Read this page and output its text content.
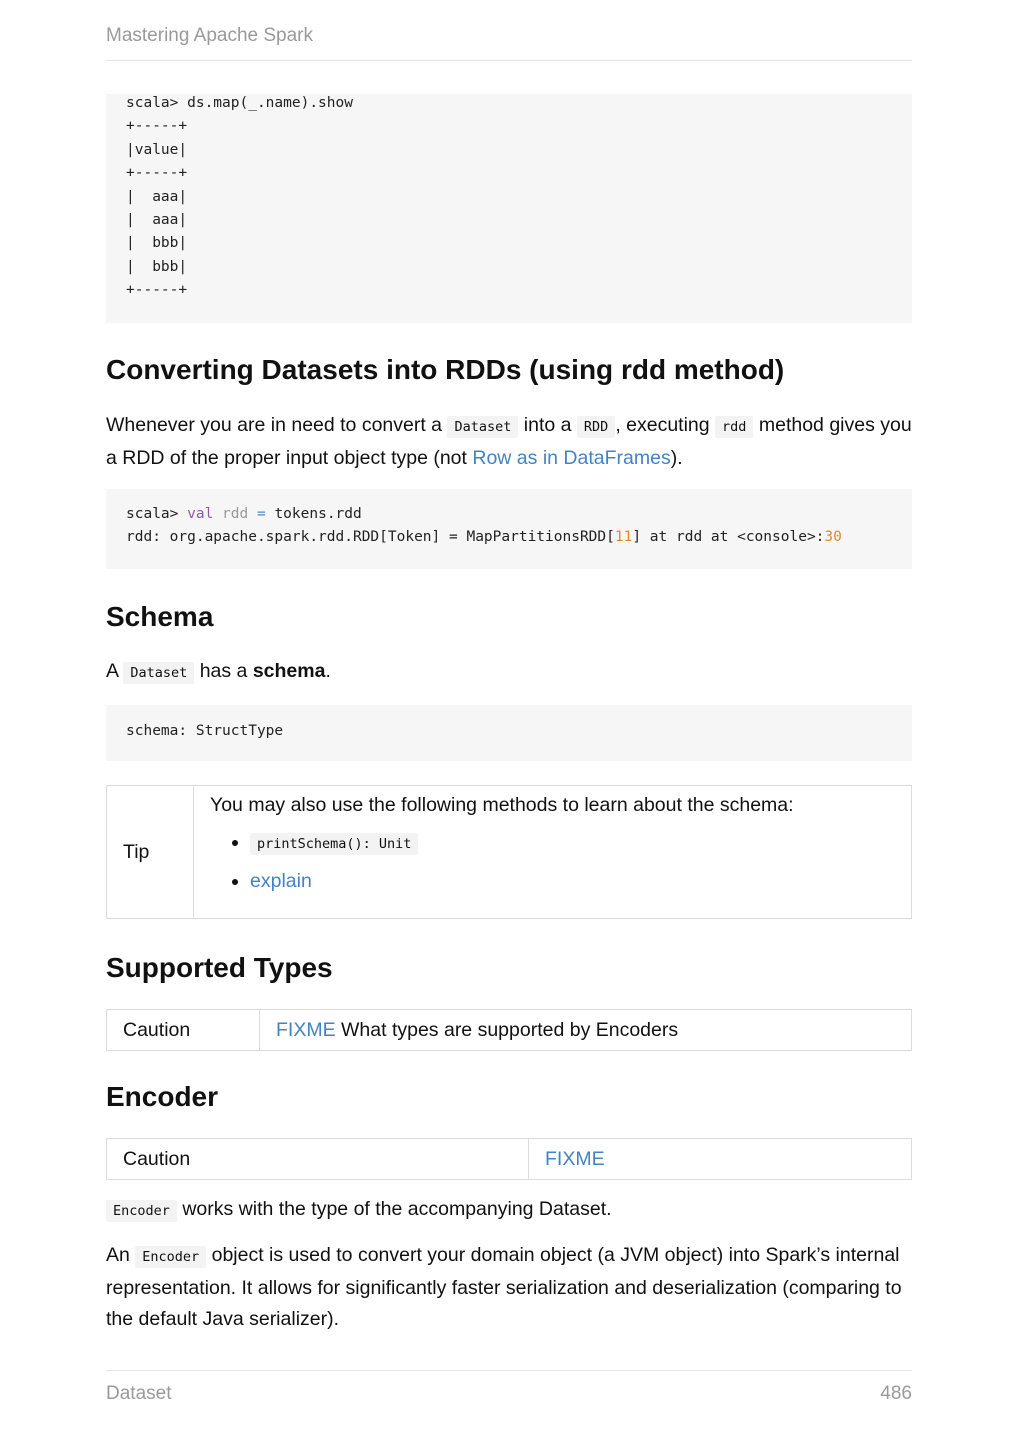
Mastering Apache Spark
scala> ds.map(_.name).show
+-----+
|value|
+-----+
|  aaa|
|  aaa|
|  bbb|
|  bbb|
+-----+
Converting Datasets into RDDs (using rdd method)
Whenever you are in need to convert a Dataset into a RDD , executing rdd method gives you a RDD of the proper input object type (not Row as in DataFrames).
scala> val rdd = tokens.rdd
rdd: org.apache.spark.rdd.RDD[Token] = MapPartitionsRDD[11] at rdd at <console>:30
Schema
A Dataset has a schema.
schema: StructType
Tip	
You may also use the following methods to learn about the schema:
• printSchema(): Unit
• explain
Supported Types
Caution	FIXME What types are supported by Encoders
Encoder
Caution	FIXME
Encoder works with the type of the accompanying Dataset.
An Encoder object is used to convert your domain object (a JVM object) into Spark’s internal representation. It allows for significantly faster serialization and deserialization (comparing to the default Java serializer).
Dataset	486
